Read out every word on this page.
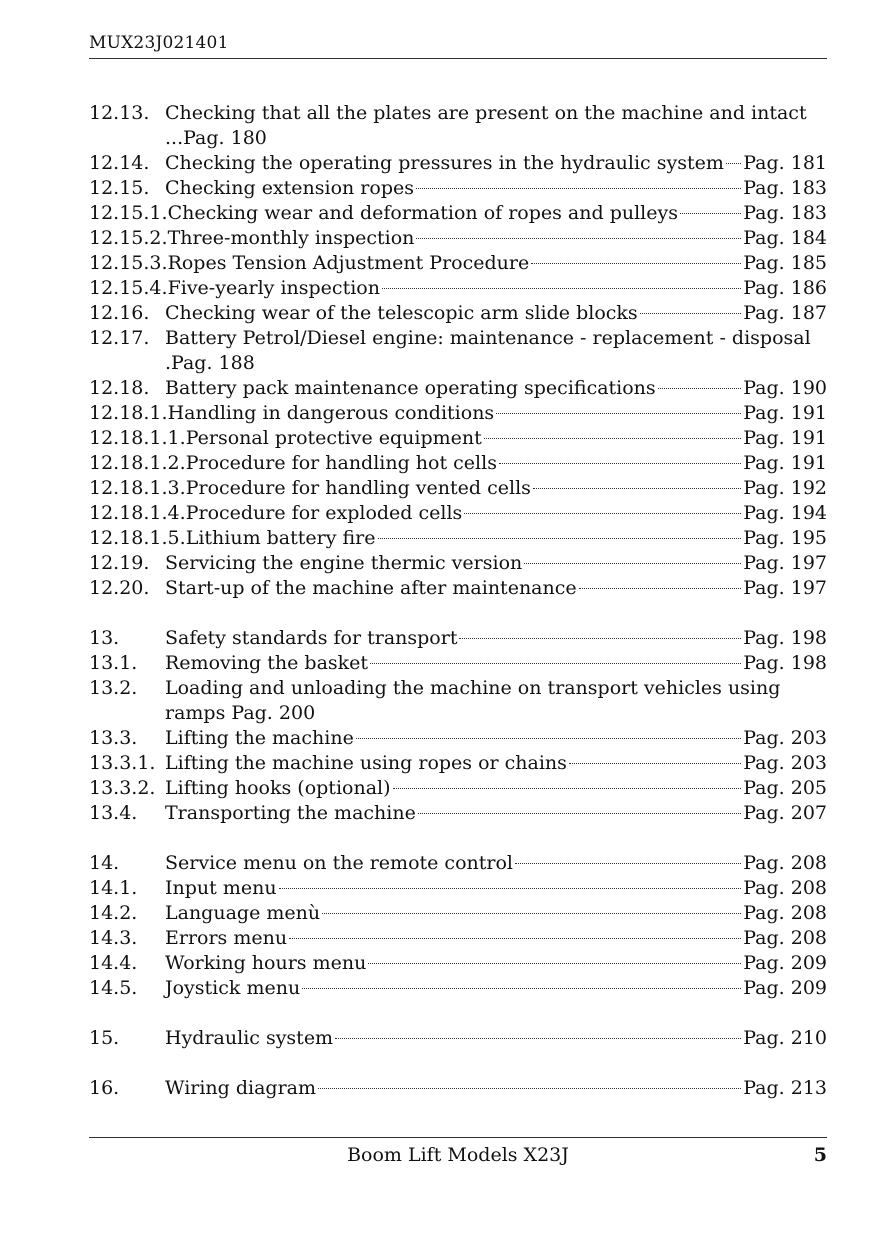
MUX23J021401
12.13. Checking that all the plates are present on the machine and intact ...Pag. 180
12.14. Checking the operating pressures in the hydraulic system Pag. 181
12.15. Checking extension ropes	Pag. 183
12.15.1. Checking wear and deformation of ropes and pulleys	Pag. 183
12.15.2. Three-monthly inspection	Pag. 184
12.15.3. Ropes Tension Adjustment Procedure	Pag. 185
12.15.4. Five-yearly inspection	Pag. 186
12.16. Checking wear of the telescopic arm slide blocks	Pag. 187
12.17. Battery Petrol/Diesel engine: maintenance - replacement - disposal .Pag. 188
12.18. Battery pack maintenance operating specifications	Pag. 190
12.18.1. Handling in dangerous conditions	Pag. 191
12.18.1.1. Personal protective equipment	Pag. 191
12.18.1.2. Procedure for handling hot cells	Pag. 191
12.18.1.3. Procedure for handling vented cells	Pag. 192
12.18.1.4. Procedure for exploded cells	Pag. 194
12.18.1.5. Lithium battery fire	Pag. 195
12.19. Servicing the engine thermic version	Pag. 197
12.20. Start-up of the machine after maintenance	Pag. 197
13.	Safety standards for transport	Pag. 198
13.1.	Removing the basket	Pag. 198
13.2.	Loading and unloading the machine on transport vehicles using ramps Pag. 200
13.3.	Lifting the machine	Pag. 203
13.3.1. Lifting the machine using ropes or chains	Pag. 203
13.3.2. Lifting hooks (optional)	Pag. 205
13.4.	Transporting the machine	Pag. 207
14.	Service menu on the remote control	Pag. 208
14.1.	Input menu	Pag. 208
14.2.	Language menù	Pag. 208
14.3.	Errors menu	Pag. 208
14.4.	Working hours menu	Pag. 209
14.5.	Joystick menu	Pag. 209
15.	Hydraulic system	Pag. 210
16.	Wiring diagram	Pag. 213
Boom Lift Models X23J	5
